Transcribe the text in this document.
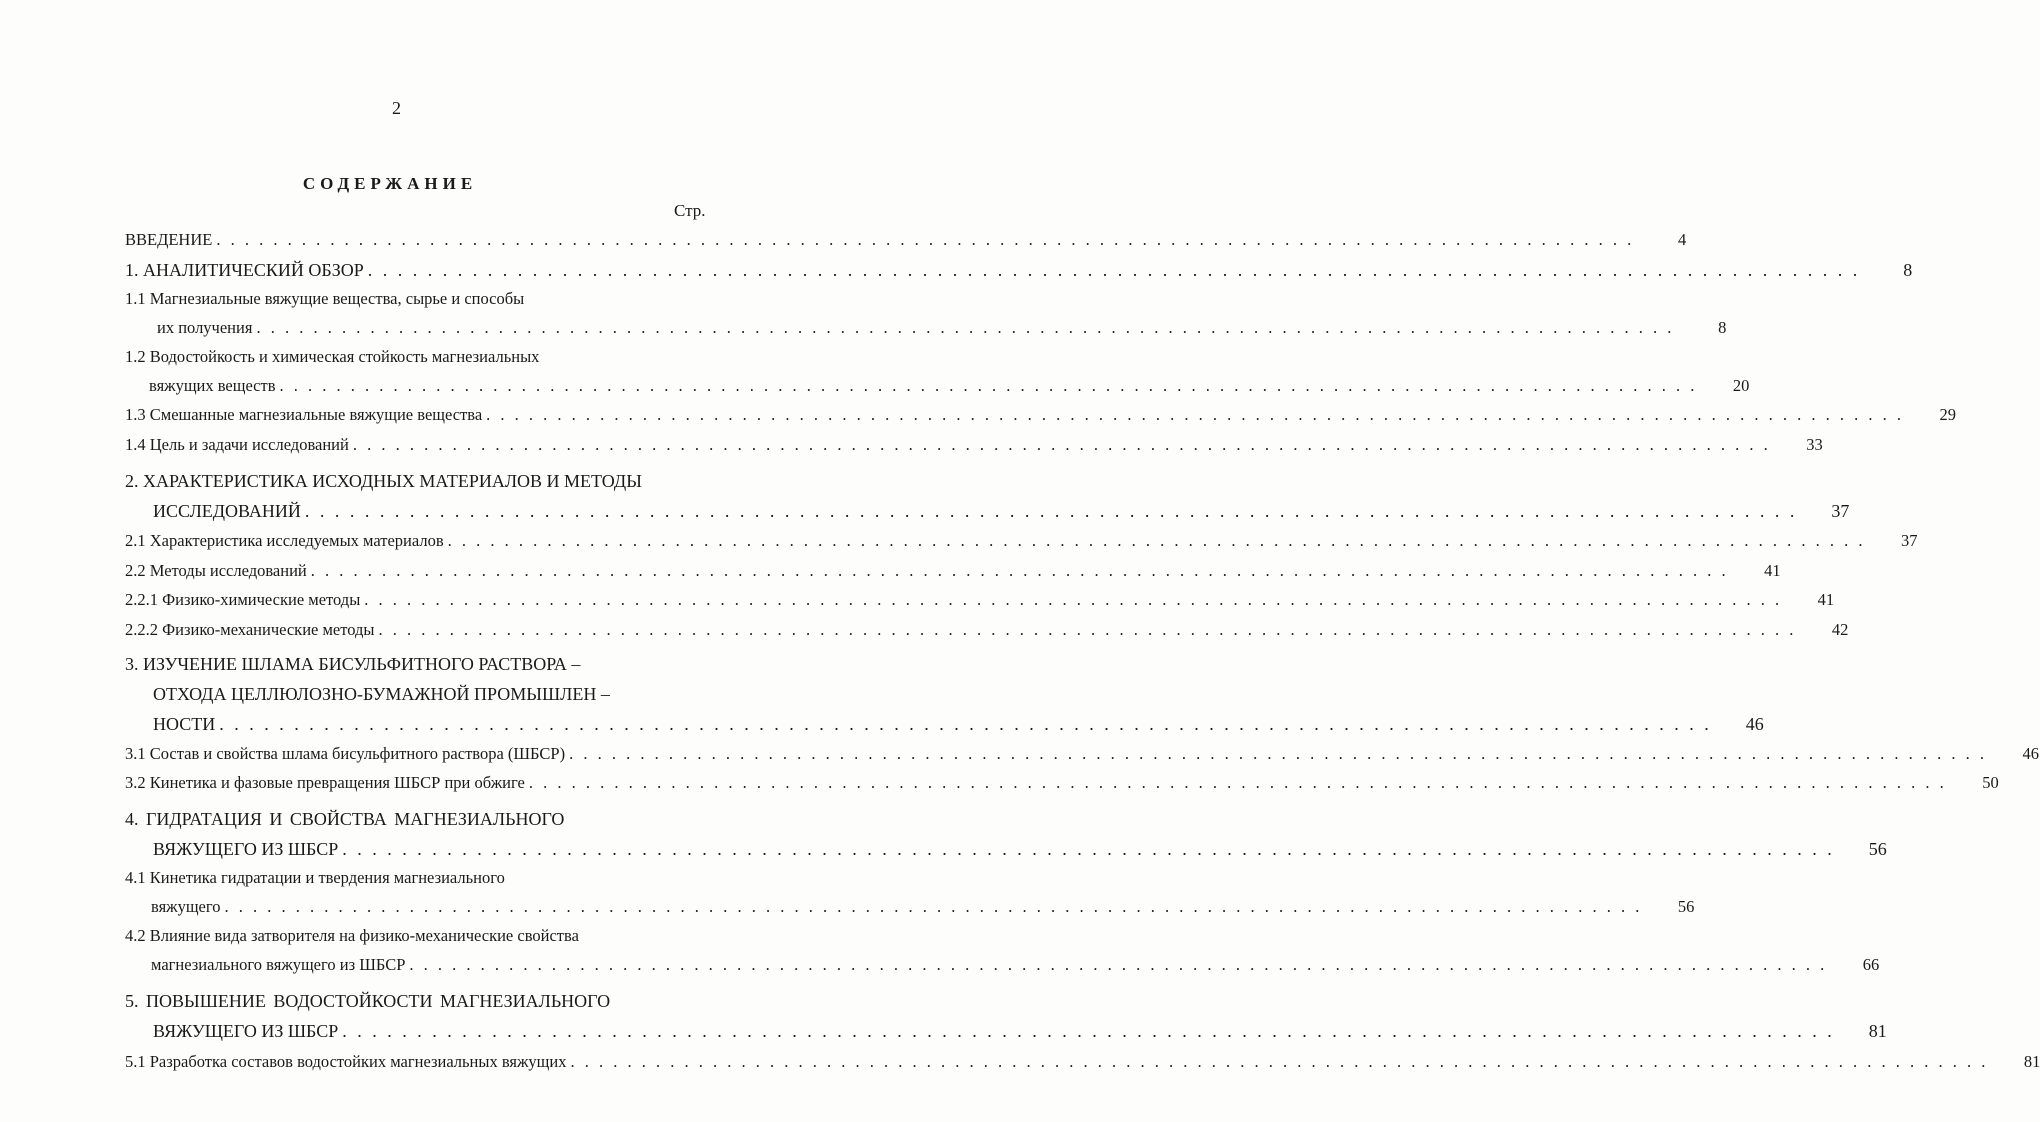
2
СОДЕРЖАНИЕ
Стр.
ВВЕДЕНИЕ . . . . . . . . . . . . . . . . . . . . . . . . . . . . . . . . . . . . . . . . . . . . . . . . . . . . . . . . . . . . . . . . . . . . . . . . . . . . . . . . . . . . . . . . . . . . . . . . . . . .	4
1. АНАЛИТИЧЕСКИЙ ОБЗОР . . . . . . . . . . . . . . . . . . . . . . . . . . . . . . . . . . . . . . . . . . . . . . . . . . . . . . . . . . . . . . . . . . . . . . . . . . . . . . . . . . . . . . . . . . . . . . . . . . . .	8
1.1 Магнезиальные вяжущие вещества, сырье и способы
их получения . . . . . . . . . . . . . . . . . . . . . . . . . . . . . . . . . . . . . . . . . . . . . . . . . . . . . . . . . . . . . . . . . . . . . . . . . . . . . . . . . . . . . . . . . . . . . . . . . . . .	8
1.2 Водостойкость и химическая стойкость магнезиальных
вяжущих веществ . . . . . . . . . . . . . . . . . . . . . . . . . . . . . . . . . . . . . . . . . . . . . . . . . . . . . . . . . . . . . . . . . . . . . . . . . . . . . . . . . . . . . . . . . . . . . . . . . . . .	20
1.3 Смешанные магнезиальные вяжущие вещества . . . . . . . . . . . . . . . . . . . . . . . . . . . . . . . . . . . . . . . . . . . . . . . . . . . . . . . . . . . . . . . . . . . . . . . . . . . . . . . . . . . . . . . . . . . . . . . . . . . .	29
1.4 Цель и задачи исследований . . . . . . . . . . . . . . . . . . . . . . . . . . . . . . . . . . . . . . . . . . . . . . . . . . . . . . . . . . . . . . . . . . . . . . . . . . . . . . . . . . . . . . . . . . . . . . . . . . . .	33
2. ХАРАКТЕРИСТИКА ИСХОДНЫХ МАТЕРИАЛОВ И МЕТОДЫ
ИССЛЕДОВАНИЙ . . . . . . . . . . . . . . . . . . . . . . . . . . . . . . . . . . . . . . . . . . . . . . . . . . . . . . . . . . . . . . . . . . . . . . . . . . . . . . . . . . . . . . . . . . . . . . . . . . . .	37
2.1 Характеристика исследуемых материалов . . . . . . . . . . . . . . . . . . . . . . . . . . . . . . . . . . . . . . . . . . . . . . . . . . . . . . . . . . . . . . . . . . . . . . . . . . . . . . . . . . . . . . . . . . . . . . . . . . . .	37
2.2 Методы исследований . . . . . . . . . . . . . . . . . . . . . . . . . . . . . . . . . . . . . . . . . . . . . . . . . . . . . . . . . . . . . . . . . . . . . . . . . . . . . . . . . . . . . . . . . . . . . . . . . . . .	41
2.2.1 Физико-химические методы . . . . . . . . . . . . . . . . . . . . . . . . . . . . . . . . . . . . . . . . . . . . . . . . . . . . . . . . . . . . . . . . . . . . . . . . . . . . . . . . . . . . . . . . . . . . . . . . . . . .	41
2.2.2 Физико-механические методы . . . . . . . . . . . . . . . . . . . . . . . . . . . . . . . . . . . . . . . . . . . . . . . . . . . . . . . . . . . . . . . . . . . . . . . . . . . . . . . . . . . . . . . . . . . . . . . . . . . .	42
3. ИЗУЧЕНИЕ ШЛАМА БИСУЛЬФИТНОГО РАСТВОРА –
ОТХОДА ЦЕЛЛЮЛОЗНО-БУМАЖНОЙ ПРОМЫШЛЕН –
НОСТИ . . . . . . . . . . . . . . . . . . . . . . . . . . . . . . . . . . . . . . . . . . . . . . . . . . . . . . . . . . . . . . . . . . . . . . . . . . . . . . . . . . . . . . . . . . . . . . . . . . . .	46
3.1 Состав и свойства шлама бисульфитного раствора (ШБСР) . . . . . . . . . . . . . . . . . . . . . . . . . . . . . . . . . . . . . . . . . . . . . . . . . . . . . . . . . . . . . . . . . . . . . . . . . . . . . . . . . . . . . . . . . . . . . . . . . . . .	46
3.2 Кинетика и фазовые превращения ШБСР при обжиге . . . . . . . . . . . . . . . . . . . . . . . . . . . . . . . . . . . . . . . . . . . . . . . . . . . . . . . . . . . . . . . . . . . . . . . . . . . . . . . . . . . . . . . . . . . . . . . . . . . .	50
4. ГИДРАТАЦИЯ И СВОЙСТВА МАГНЕЗИАЛЬНОГО
ВЯЖУЩЕГО ИЗ ШБСР . . . . . . . . . . . . . . . . . . . . . . . . . . . . . . . . . . . . . . . . . . . . . . . . . . . . . . . . . . . . . . . . . . . . . . . . . . . . . . . . . . . . . . . . . . . . . . . . . . . .	56
4.1 Кинетика гидратации и твердения магнезиального
вяжущего . . . . . . . . . . . . . . . . . . . . . . . . . . . . . . . . . . . . . . . . . . . . . . . . . . . . . . . . . . . . . . . . . . . . . . . . . . . . . . . . . . . . . . . . . . . . . . . . . . . .	56
4.2 Влияние вида затворителя на физико-механические свойства
магнезиального вяжущего из ШБСР . . . . . . . . . . . . . . . . . . . . . . . . . . . . . . . . . . . . . . . . . . . . . . . . . . . . . . . . . . . . . . . . . . . . . . . . . . . . . . . . . . . . . . . . . . . . . . . . . . . .	66
5. ПОВЫШЕНИЕ ВОДОСТОЙКОСТИ МАГНЕЗИАЛЬНОГО
ВЯЖУЩЕГО ИЗ ШБСР . . . . . . . . . . . . . . . . . . . . . . . . . . . . . . . . . . . . . . . . . . . . . . . . . . . . . . . . . . . . . . . . . . . . . . . . . . . . . . . . . . . . . . . . . . . . . . . . . . . .	81
5.1 Разработка составов водостойких магнезиальных вяжущих . . . . . . . . . . . . . . . . . . . . . . . . . . . . . . . . . . . . . . . . . . . . . . . . . . . . . . . . . . . . . . . . . . . . . . . . . . . . . . . . . . . . . . . . . . . . . . . . . . . .	81
